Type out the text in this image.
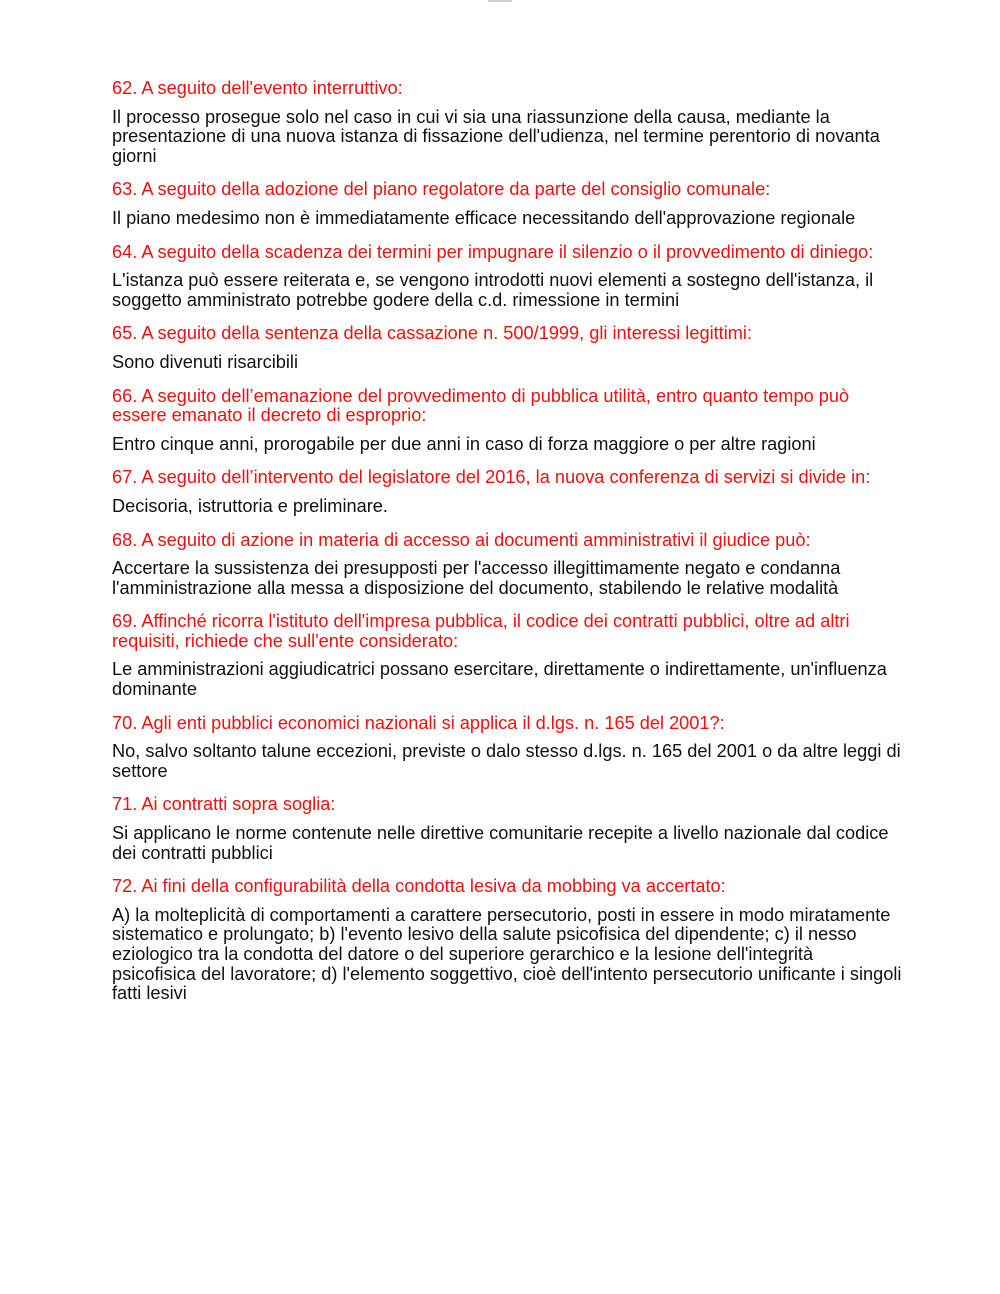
62. A seguito dell'evento interruttivo:

Il processo prosegue solo nel caso in cui vi sia una riassunzione della causa, mediante la presentazione di una nuova istanza di fissazione dell'udienza, nel termine perentorio di novanta giorni

63. A seguito della adozione del piano regolatore da parte del consiglio comunale:

Il piano medesimo non è immediatamente efficace necessitando dell'approvazione regionale

64. A seguito della scadenza dei termini per impugnare il silenzio o il provvedimento di diniego:

L'istanza può essere reiterata e, se vengono introdotti nuovi elementi a sostegno dell'istanza, il soggetto amministrato potrebbe godere della c.d. rimessione in termini

65. A seguito della sentenza della cassazione n. 500/1999, gli interessi legittimi:

Sono divenuti risarcibili

66. A seguito dell’emanazione del provvedimento di pubblica utilità, entro quanto tempo può essere emanato il decreto di esproprio:

Entro cinque anni, prorogabile per due anni in caso di forza maggiore o per altre ragioni

67. A seguito dell’intervento del legislatore del 2016, la nuova conferenza di servizi si divide in:

Decisoria, istruttoria e preliminare.

68. A seguito di azione in materia di accesso ai documenti amministrativi il giudice può:

Accertare la sussistenza dei presupposti per l'accesso illegittimamente negato e condanna l'amministrazione alla messa a disposizione del documento, stabilendo le relative modalità

69. Affinché ricorra l'istituto dell'impresa pubblica, il codice dei contratti pubblici, oltre ad altri requisiti, richiede che sull'ente considerato:

Le amministrazioni aggiudicatrici possano esercitare, direttamente o indirettamente, un'influenza dominante

70. Agli enti pubblici economici nazionali si applica il d.lgs. n. 165 del 2001?:

No, salvo soltanto talune eccezioni, previste o dalo stesso d.lgs. n. 165 del 2001 o da altre leggi di settore

71. Ai contratti sopra soglia:

Si applicano le norme contenute nelle direttive comunitarie recepite a livello nazionale dal codice dei contratti pubblici

72. Ai fini della configurabilità della condotta lesiva da mobbing va accertato:

A) la molteplicità di comportamenti a carattere persecutorio, posti in essere in modo miratamente sistematico e prolungato; b) l'evento lesivo della salute psicofisica del dipendente; c) il nesso eziologico tra la condotta del datore o del superiore gerarchico e la lesione dell'integrità psicofisica del lavoratore; d) l'elemento soggettivo, cioè dell'intento persecutorio unificante i singoli fatti lesivi
